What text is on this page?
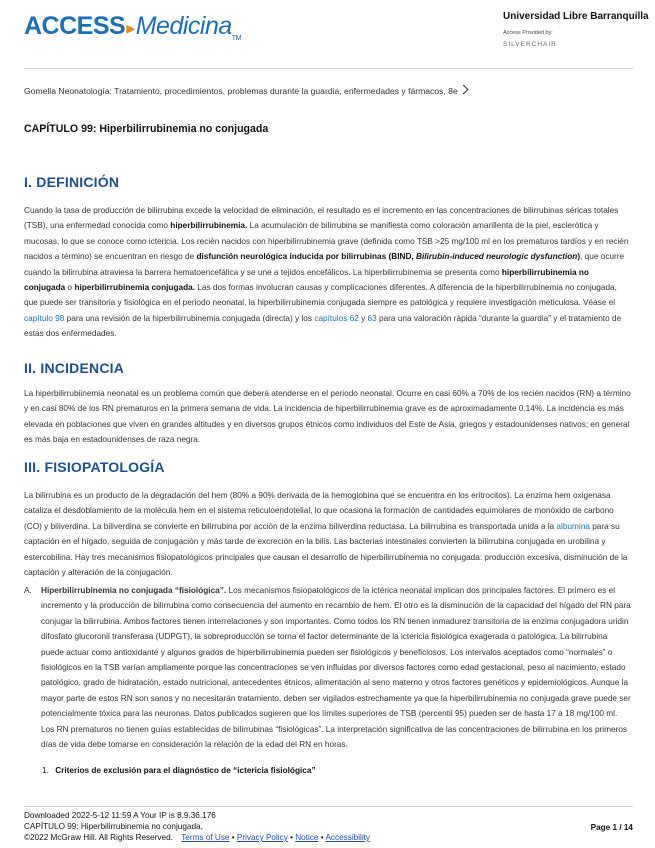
ACCESS▸Medicina$_{TM}$
Universidad Libre Barranquilla
Access Provided by:
SILVERCHAIR
Gomella Neonatología: Tratamiento, procedimientos, problemas durante la guardia, enfermedades y fármacos, 8e
CAPÍTULO 99: Hiperbilirrubinemia no conjugada
I. DEFINICIÓN

Cuando la tasa de producción de bilirrubina excede la velocidad de eliminación, el resultado es el incremento en las concentraciones de bilirrubinas séricas totales (TSB), una enfermedad conocida como hiperbilirrubinemia. La acumulación de bilirrubina se manifiesta como coloración amarillenta de la piel, esclerótica y mucosas, lo que se conoce como ictericia. Los recién nacidos con hiperbilirrubinemia grave (definida como TSB >25 mg/100 ml en los prematuros tardíos y en recién nacidos a término) se encuentran en riesgo de disfunción neurológica inducida por bilirrubinas (BIND, Bilirubin-induced neurologic dysfunction), que ocurre cuando la bilirrubina atraviesa la barrera hematoencefálica y se une a tejidos encefálicos. La hiperbilirrubinemia se presenta como hiperbilirrubinemia no conjugada o hiperbilirrubinemia conjugada. Las dos formas involucran causas y complicaciones diferentes. A diferencia de la hiperbilirrubinemia no conjugada, que puede ser transitoria y fisiológica en el periodo neonatal, la hiperbilirrubinemia conjugada siempre es patológica y requiere investigación meticulosa. Véase el capítulo 98 para una revisión de la hiperbilirrubinemia conjugada (directa) y los capítulos 62 y 63 para una valoración rápida “durante la guardia” y el tratamiento de estas dos enfermedades.

II. INCIDENCIA

La hiperbilirrubiinemia neonatal es un problema común que deberá atenderse en el periodo neonatal. Ocurre en casi 60% a 70% de los recién nacidos (RN) a término y en casi 80% de los RN prematuros en la primera semana de vida. La incidencia de hiperbilirrubinemia grave es de aproximadamente 0.14%. La incidencia es más elevada en poblaciones que viven en grandes altitudes y en diversos grupos étnicos como individuos del Este de Asia, griegos y estadounidenses nativos; en general es más baja en estadounidenses de raza negra.

III. FISIOPATOLOGÍA

La bilirrubina es un producto de la degradación del hem (80% a 90% derivada de la hemoglobina que se encuentra en los eritrocitos). La enzima hem oxigenasa cataliza el desdoblamiento de la molécula hem en el sistema reticuloendotelial, lo que ocasiona la formación de cantidades equimolares de monóxido de carbono (CO) y biliverdina. La biliverdina se convierte en bilirrubina por acción de la enzima biliverdina reductasa. La bilirrubina es transportada unida a la albumina para su captación en el hígado, seguida de conjugación y más tarde de excreción en la bilis. Las bacterias intestinales convierten la bilirrubina conjugada en urobilina y estercobilina. Hay tres mecanismos fisiopatológicos principales que causan el desarrollo de hiperbilirrubinemia no conjugada: producción excesiva, disminución de la captación y alteración de la conjugación.

A. Hiperbilirrubinemia no conjugada “fisiológica”. Los mecanismos fisiopatológicos de la ictérica neonatal implican dos principales factores. El primero es el incremento y la producción de bilirrubina como consecuencia del aumento en recambio de hem. El otro es la disminución de la capacidad del hígado del RN para conjugar la bilirrubina. Ambos factores tienen interrelaciones y son importantes. Como todos los RN tienen inmadurez transitoria de la enzima conjugadora uridin difosfato glucoronil transferasa (UDPGT), la sobreproducción se torna el factor determinante de la ictericia fisiológica exagerada o patológica. La bilirrubina puede actuar como antioxidante y algunos grados de hiperbilirrubinemia pueden ser fisiológicos y beneficiosos. Los intervalos aceptados como “normales” o fisiológicos en la TSB varían ampliamente porque las concentraciones se ven influidas por diversos factores como edad gestacional, peso al nacimiento, estado patológico, grado de hidratación, estado nutricional, antecedentes étnicos, alimentación al seno materno y otros factores genéticos y epidemiológicos. Aunque la mayor parte de estos RN son sanos y no necesitarán tratamiento, deben ser vigilados estrechamente ya que la hiperbilirrubinemia no conjugada grave puede ser potencialmente tóxica para las neuronas. Datos publicados sugieren que los límites superiores de TSB (percentil 95) pueden ser de hasta 17 a 18 mg/100 ml. Los RN prematuros no tienen guías establecidas de bilirrubinas “fisiológicas”. La interpretación significativa de las concentraciones de bilirrubina en los primeros días de vida debe tomarse en consideración la relación de la edad del RN en horas.
1. Criterios de exclusión para el diagnóstico de “ictericia fisiológica”
Downloaded 2022-5-12 11:59 A Your IP is 8.9.36.176
CAPÍTULO 99: Hiperbilirrubinemia no conjugada,
©2022 McGraw Hill. All Rights Reserved. Terms of Use • Privacy Policy • Notice • Accessibility
Page 1 / 14
